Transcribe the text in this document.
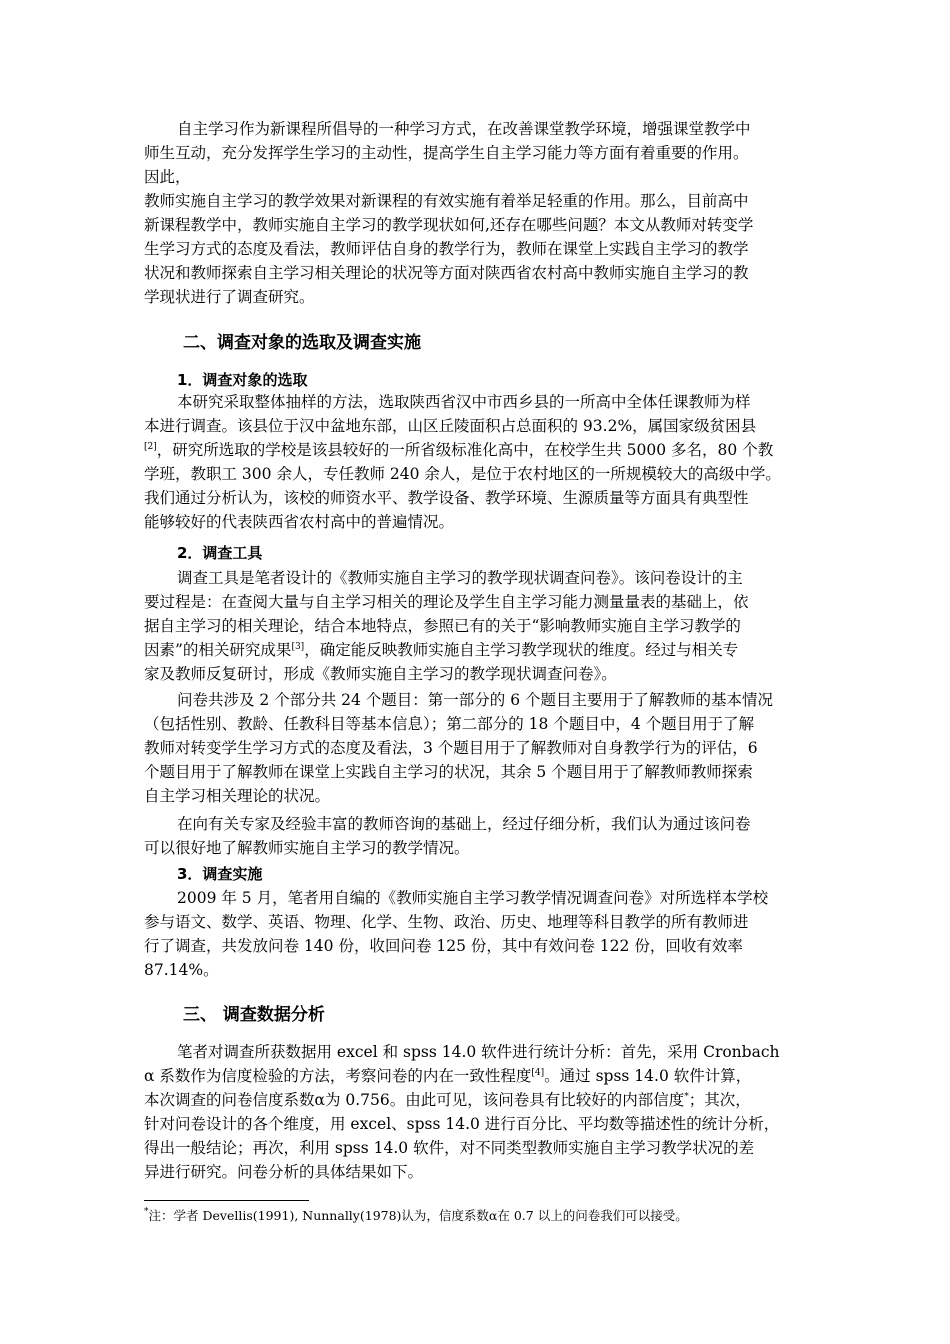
自主学习作为新课程所倡导的一种学习方式，在改善课堂教学环境，增强课堂教学中
师生互动，充分发挥学生学习的主动性，提高学生自主学习能力等方面有着重要的作用。
因此，
教师实施自主学习的教学效果对新课程的有效实施有着举足轻重的作用。那么，目前高中
新课程教学中，教师实施自主学习的教学现状如何,还存在哪些问题？本文从教师对转变学
生学习方式的态度及看法，教师评估自身的教学行为，教师在课堂上实践自主学习的教学
状况和教师探索自主学习相关理论的状况等方面对陕西省农村高中教师实施自主学习的教
学现状进行了调查研究。
二、调查对象的选取及调查实施
1．调查对象的选取
本研究采取整体抽样的方法，选取陕西省汉中市西乡县的一所高中全体任课教师为样
本进行调查。该县位于汉中盆地东部，山区丘陵面积占总面积的 93.2%，属国家级贫困县
[2]，研究所选取的学校是该县较好的一所省级标准化高中，在校学生共 5000 多名，80 个教
学班，教职工 300 余人，专任教师 240 余人，是位于农村地区的一所规模较大的高级中学。
我们通过分析认为，该校的师资水平、教学设备、教学环境、生源质量等方面具有典型性
能够较好的代表陕西省农村高中的普遍情况。
2．调查工具
调查工具是笔者设计的《教师实施自主学习的教学现状调查问卷》。该问卷设计的主
要过程是：在查阅大量与自主学习相关的理论及学生自主学习能力测量量表的基础上，依
据自主学习的相关理论，结合本地特点，参照已有的关于“影响教师实施自主学习教学的
因素”的相关研究成果[3]，确定能反映教师实施自主学习教学现状的维度。经过与相关专
家及教师反复研讨，形成《教师实施自主学习的教学现状调查问卷》。
问卷共涉及 2 个部分共 24 个题目：第一部分的 6 个题目主要用于了解教师的基本情况
（包括性别、教龄、任教科目等基本信息）；第二部分的 18 个题目中，4 个题目用于了解
教师对转变学生学习方式的态度及看法，3 个题目用于了解教师对自身教学行为的评估，6
个题目用于了解教师在课堂上实践自主学习的状况，其余 5 个题目用于了解教师教师探索
自主学习相关理论的状况。
在向有关专家及经验丰富的教师咨询的基础上，经过仔细分析，我们认为通过该问卷
可以很好地了解教师实施自主学习的教学情况。
3．调查实施
2009 年 5 月，笔者用自编的《教师实施自主学习教学情况调查问卷》对所选样本学校
参与语文、数学、英语、物理、化学、生物、政治、历史、地理等科目教学的所有教师进
行了调查，共发放问卷 140 份，收回问卷 125 份，其中有效问卷 122 份，回收有效率
87.14%。
三、 调查数据分析
笔者对调查所获数据用 excel 和 spss 14.0 软件进行统计分析：首先，采用 Cronbach
α 系数作为信度检验的方法，考察问卷的内在一致性程度[4]。通过 spss 14.0 软件计算，
本次调查的问卷信度系数α为 0.756。由此可见，该问卷具有比较好的内部信度*；其次，
针对问卷设计的各个维度，用 excel、spss 14.0 进行百分比、平均数等描述性的统计分析，
得出一般结论；再次，利用 spss 14.0 软件，对不同类型教师实施自主学习教学状况的差
异进行研究。问卷分析的具体结果如下。
*注：学者 Devellis(1991), Nunnally(1978)认为，信度系数α在 0.7 以上的问卷我们可以接受。
